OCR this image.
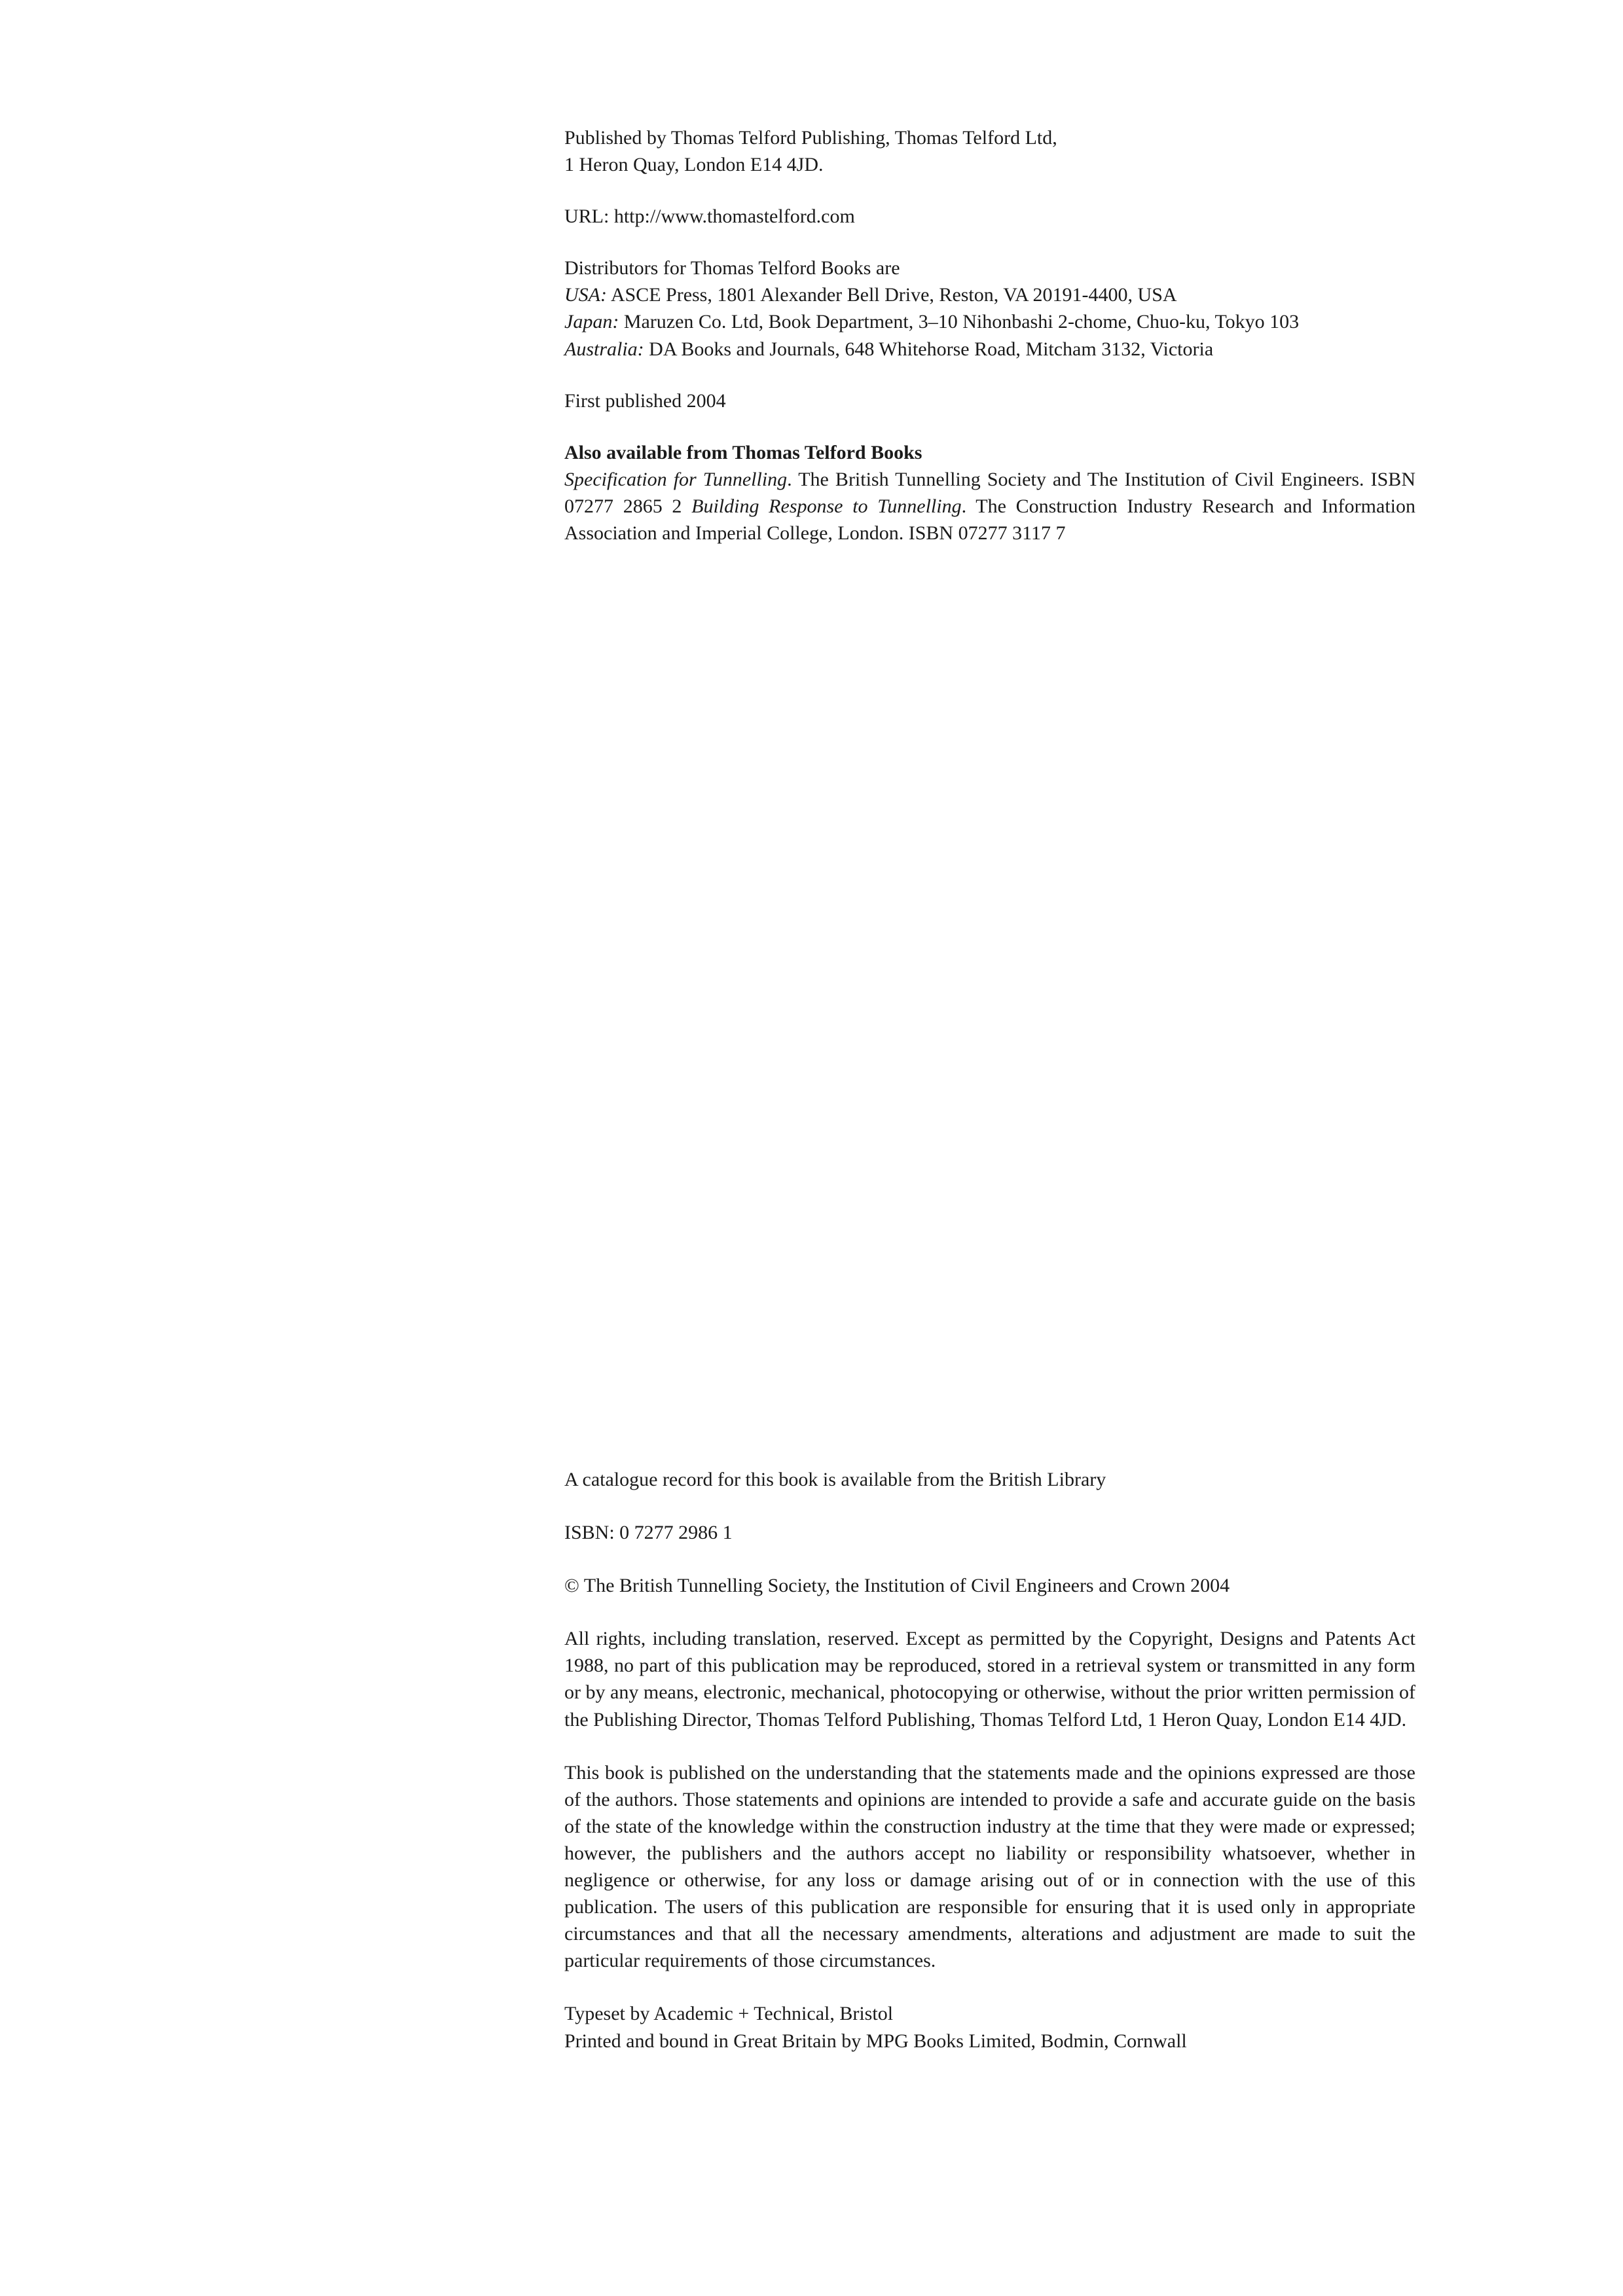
Published by Thomas Telford Publishing, Thomas Telford Ltd,
1 Heron Quay, London E14 4JD.
URL: http://www.thomastelford.com
Distributors for Thomas Telford Books are
USA: ASCE Press, 1801 Alexander Bell Drive, Reston, VA 20191-4400, USA
Japan: Maruzen Co. Ltd, Book Department, 3–10 Nihonbashi 2-chome, Chuo-ku, Tokyo 103
Australia: DA Books and Journals, 648 Whitehorse Road, Mitcham 3132, Victoria
First published 2004
Also available from Thomas Telford Books
Specification for Tunnelling. The British Tunnelling Society and The Institution of Civil Engineers. ISBN 07277 2865 2 Building Response to Tunnelling. The Construction Industry Research and Information Association and Imperial College, London. ISBN 07277 3117 7
A catalogue record for this book is available from the British Library
ISBN: 0 7277 2986 1
© The British Tunnelling Society, the Institution of Civil Engineers and Crown 2004
All rights, including translation, reserved. Except as permitted by the Copyright, Designs and Patents Act 1988, no part of this publication may be reproduced, stored in a retrieval system or transmitted in any form or by any means, electronic, mechanical, photocopying or otherwise, without the prior written permission of the Publishing Director, Thomas Telford Publishing, Thomas Telford Ltd, 1 Heron Quay, London E14 4JD.
This book is published on the understanding that the statements made and the opinions expressed are those of the authors. Those statements and opinions are intended to provide a safe and accurate guide on the basis of the state of the knowledge within the construction industry at the time that they were made or expressed; however, the publishers and the authors accept no liability or responsibility whatsoever, whether in negligence or otherwise, for any loss or damage arising out of or in connection with the use of this publication. The users of this publication are responsible for ensuring that it is used only in appropriate circumstances and that all the necessary amendments, alterations and adjustment are made to suit the particular requirements of those circumstances.
Typeset by Academic + Technical, Bristol
Printed and bound in Great Britain by MPG Books Limited, Bodmin, Cornwall
